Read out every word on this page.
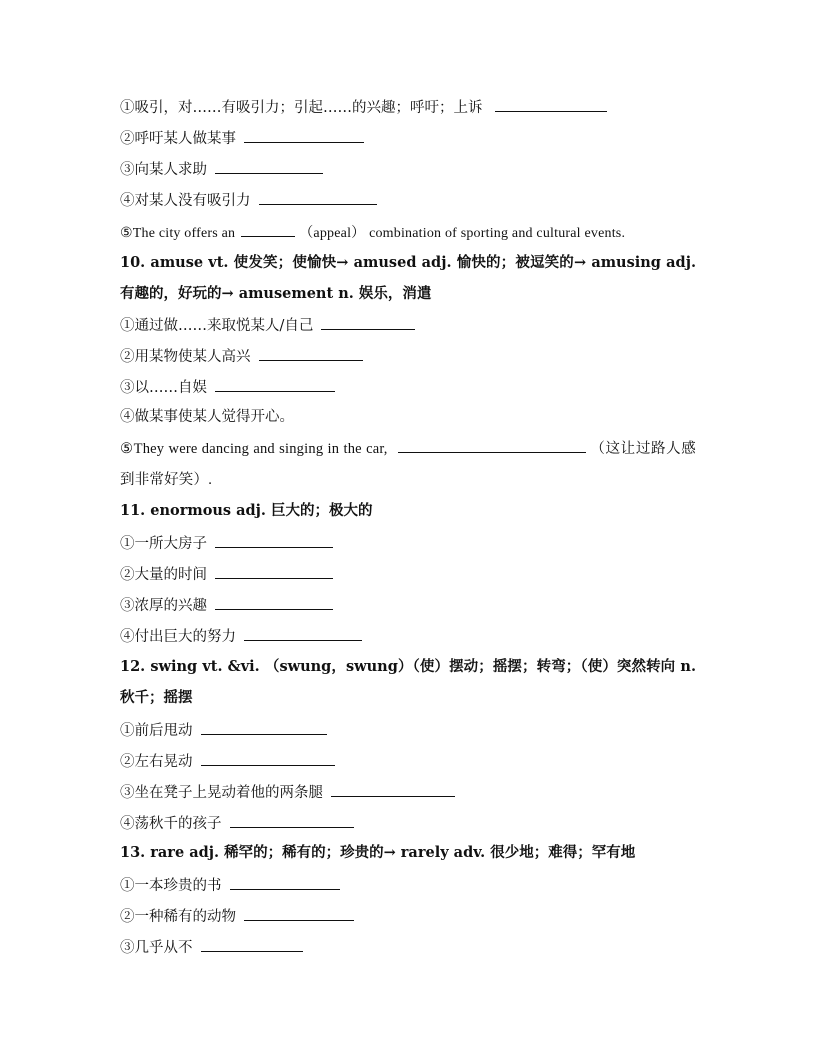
①吸引，对……有吸引力；引起……的兴趣；呼吁；上诉
②呼吁某人做某事
③向某人求助
④对某人没有吸引力
⑤The city offers an	（appeal） combination of sporting and cultural events.
10. amuse vt. 使发笑；使愉快→ amused adj. 愉快的；被逗笑的→ amusing adj. 有趣的，好玩的→ amusement n. 娱乐，消遣
①通过做……来取悦某人/自己
②用某物使某人高兴
③以……自娱
④做某事使某人觉得开心。
⑤They were dancing and singing in the car,	（这让过路人感到非常好笑）.
11. enormous adj. 巨大的；极大的
①一所大房子
②大量的时间
③浓厚的兴趣
④付出巨大的努力
12. swing vt. &vi. （swung，swung）（使）摆动；摇摆；转弯；（使）突然转向 n.秋千；摇摆
①前后甩动
②左右晃动
③坐在凳子上晃动着他的两条腿
④荡秋千的孩子
13. rare adj. 稀罕的；稀有的；珍贵的→ rarely adv. 很少地；难得；罕有地
①一本珍贵的书
②一种稀有的动物
③几乎从不
